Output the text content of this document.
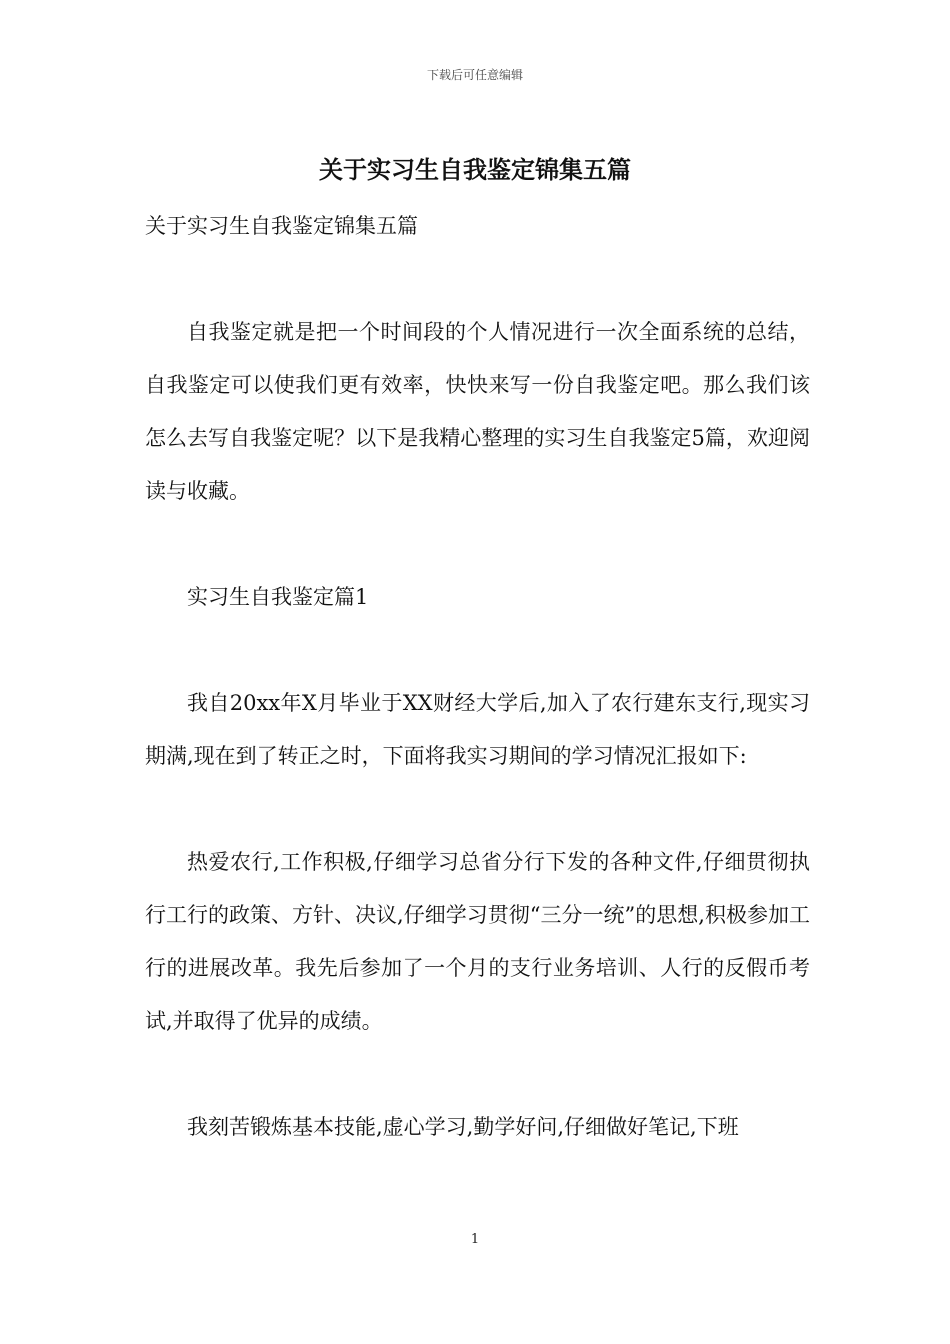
下载后可任意编辑
关于实习生自我鉴定锦集五篇

关于实习生自我鉴定锦集五篇

自我鉴定就是把一个时间段的个人情况进行一次全面系统的总结，自我鉴定可以使我们更有效率，快快来写一份自我鉴定吧。那么我们该怎么去写自我鉴定呢？以下是我精心整理的实习生自我鉴定5篇，欢迎阅读与收藏。

实习生自我鉴定篇1

我自20xx年X月毕业于XX财经大学后,加入了农行建东支行,现实习期满,现在到了转正之时，下面将我实习期间的学习情况汇报如下:

热爱农行,工作积极,仔细学习总省分行下发的各种文件,仔细贯彻执行工行的政策、方针、决议,仔细学习贯彻“三分一统”的思想,积极参加工行的进展改革。我先后参加了一个月的支行业务培训、人行的反假币考试,并取得了优异的成绩。

我刻苦锻炼基本技能,虚心学习,勤学好问,仔细做好笔记,下班

1
